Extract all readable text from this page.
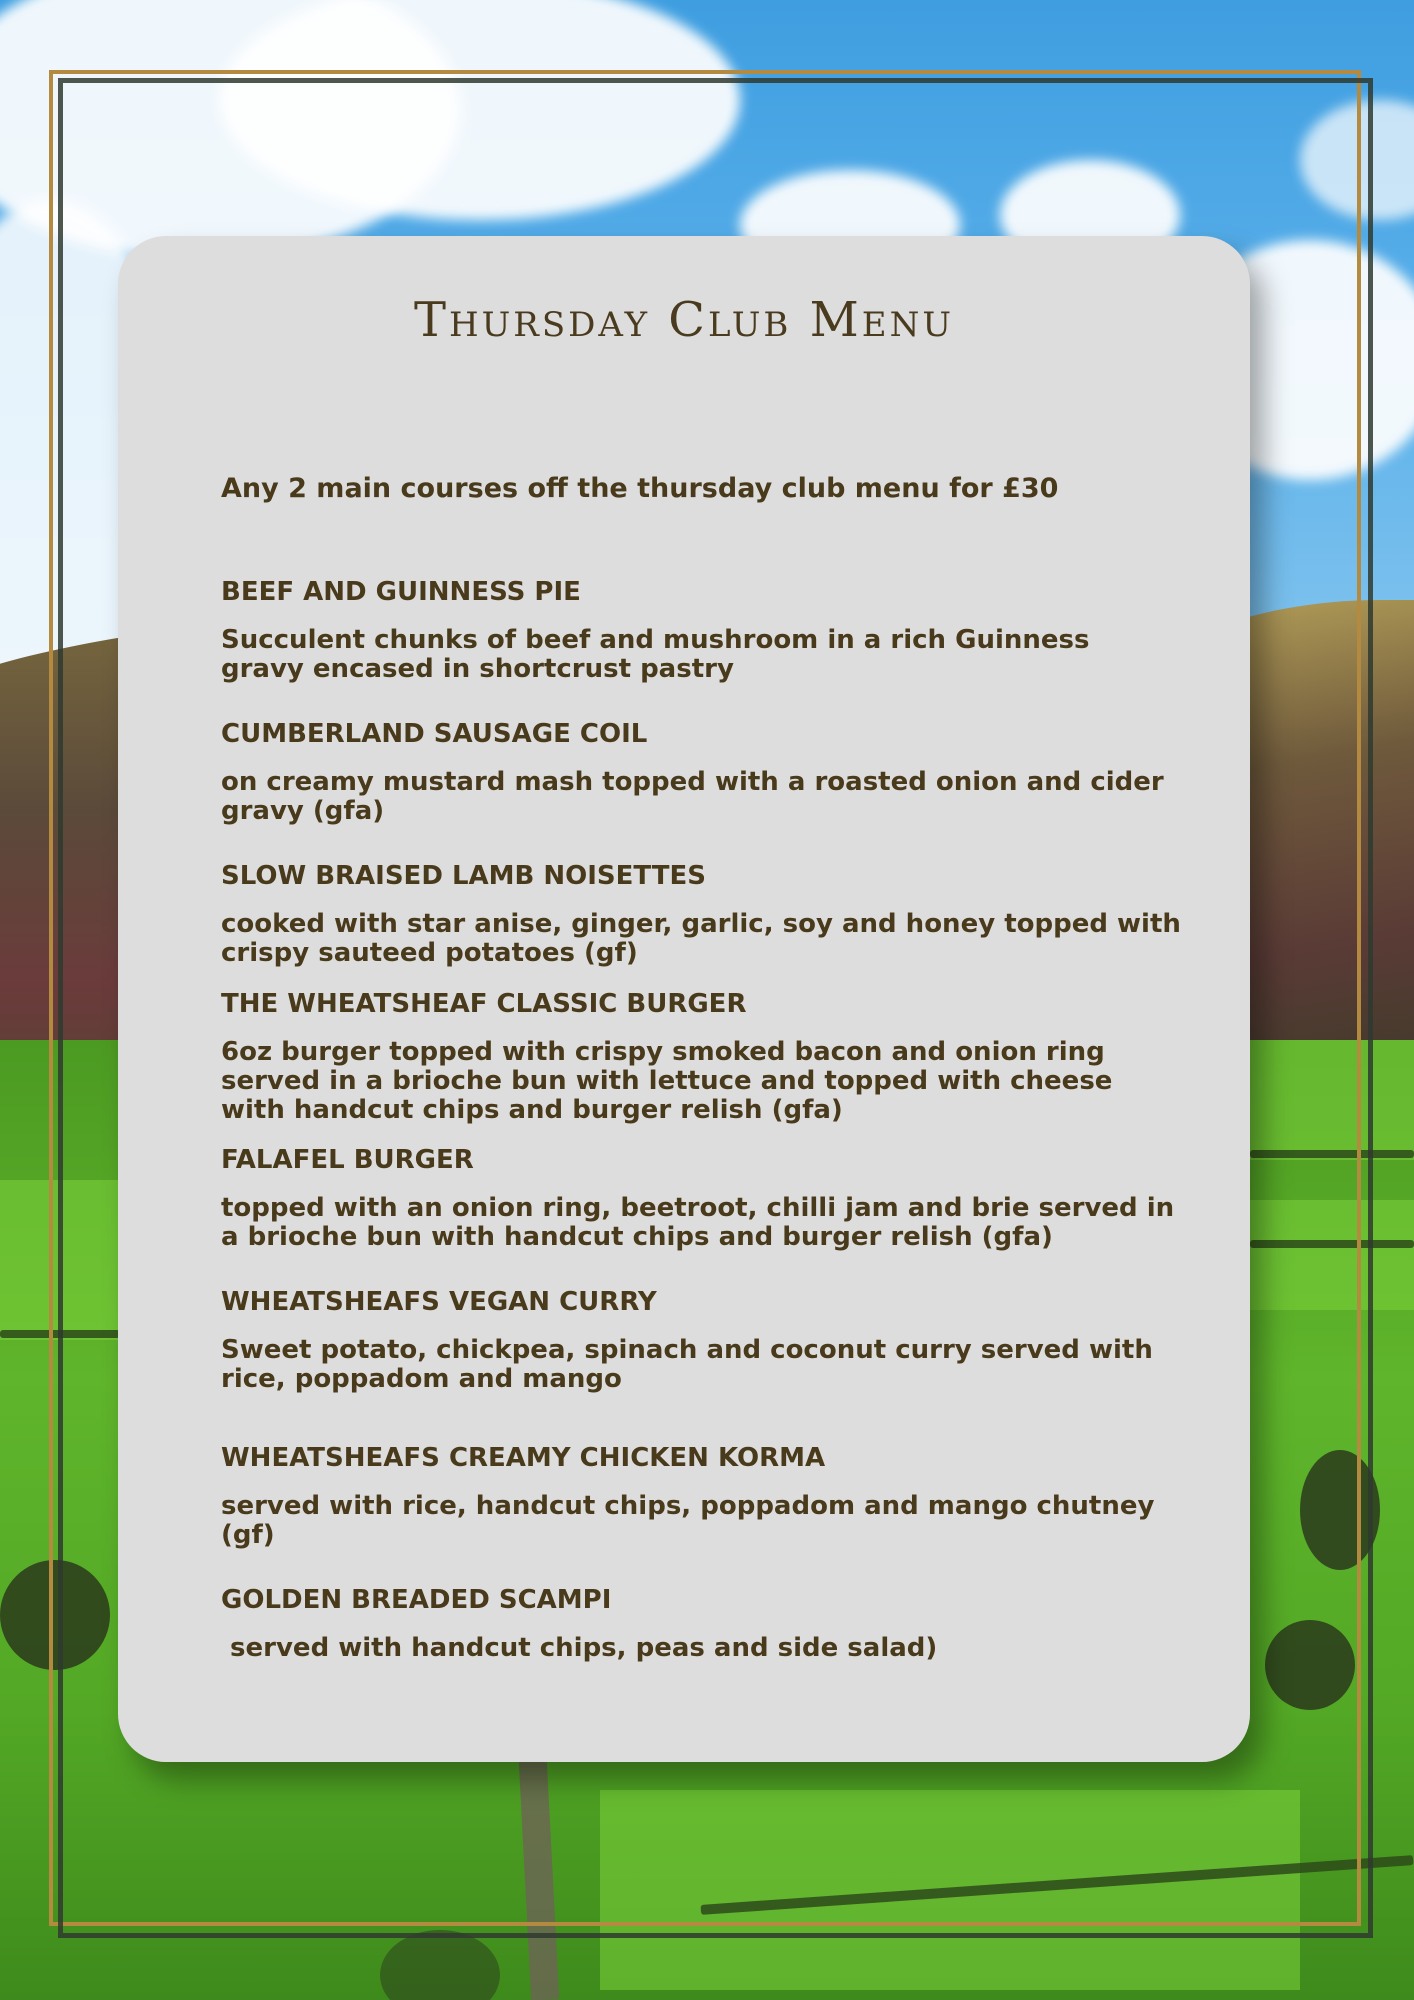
Thursday Club Menu

Any 2 main courses off the thursday club menu for £30

BEEF AND GUINNESS PIE

Succulent chunks of beef and mushroom in a rich Guinness gravy encased in shortcrust pastry

CUMBERLAND SAUSAGE COIL

on creamy mustard mash topped with a roasted onion and cider gravy (gfa)

SLOW BRAISED LAMB NOISETTES

cooked with star anise, ginger, garlic, soy and honey topped with crispy sauteed potatoes (gf)

THE WHEATSHEAF CLASSIC BURGER

6oz burger topped with crispy smoked bacon and onion ring served in a brioche bun with lettuce and topped with cheese with handcut chips and burger relish (gfa)

FALAFEL BURGER

topped with an onion ring, beetroot, chilli jam and brie served in a brioche bun with handcut chips and burger relish (gfa)

WHEATSHEAFS VEGAN CURRY

Sweet potato, chickpea, spinach and coconut curry served with rice, poppadom and mango

WHEATSHEAFS CREAMY CHICKEN KORMA

served with rice, handcut chips, poppadom and mango chutney (gf)

GOLDEN BREADED SCAMPI

served with handcut chips, peas and side salad)
